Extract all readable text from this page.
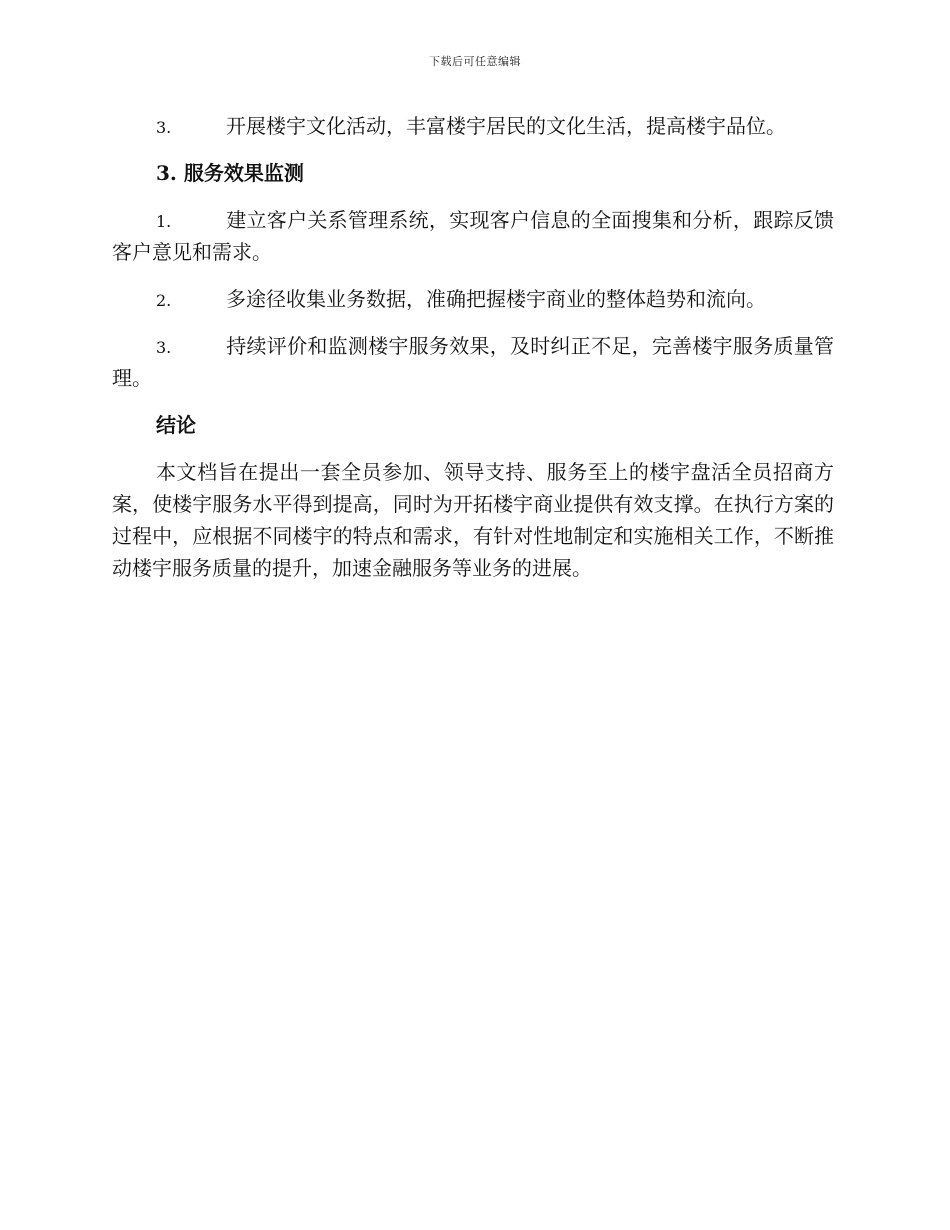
下载后可任意编辑

3.	开展楼宇文化活动，丰富楼宇居民的文化生活，提高楼宇品位。

3. 服务效果监测

1.	建立客户关系管理系统，实现客户信息的全面搜集和分析，跟踪反馈客户意见和需求。

2.	多途径收集业务数据，准确把握楼宇商业的整体趋势和流向。

3.	持续评价和监测楼宇服务效果，及时纠正不足，完善楼宇服务质量管理。

结论

本文档旨在提出一套全员参加、领导支持、服务至上的楼宇盘活全员招商方案，使楼宇服务水平得到提高，同时为开拓楼宇商业提供有效支撑。在执行方案的过程中，应根据不同楼宇的特点和需求，有针对性地制定和实施相关工作，不断推动楼宇服务质量的提升，加速金融服务等业务的进展。
